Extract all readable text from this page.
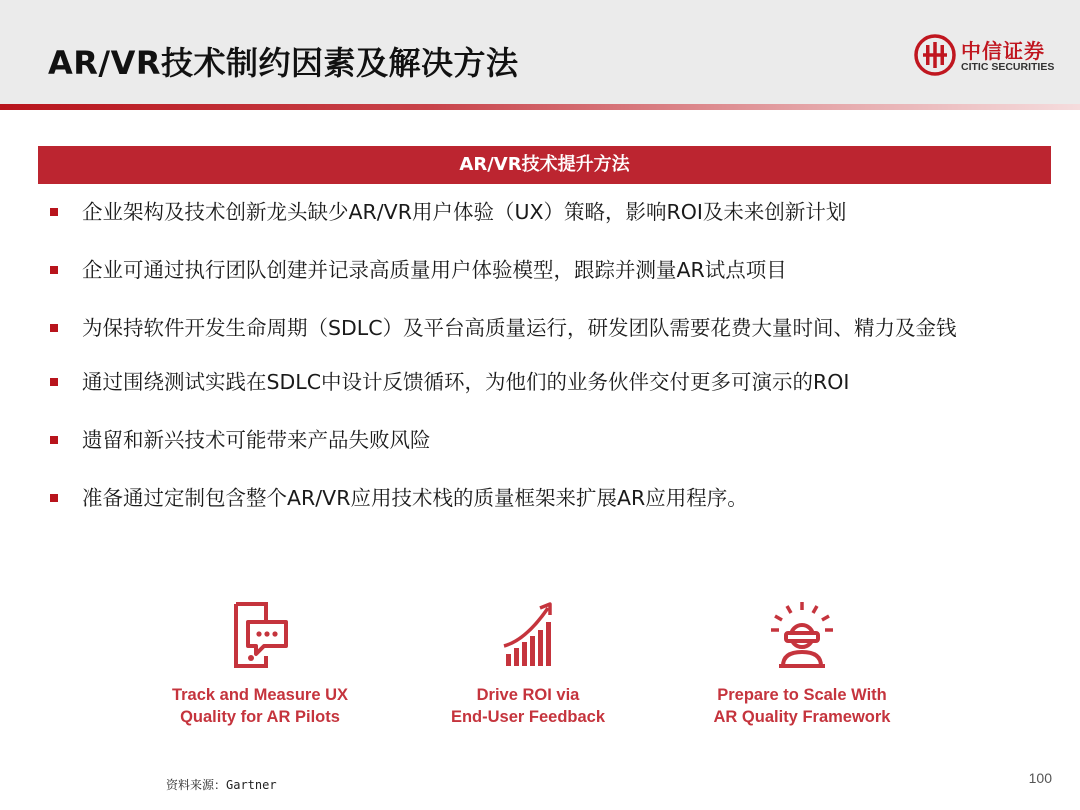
AR/VR技术制约因素及解决方法	中信证券
CITIC SECURITIES
AR/VR技术提升方法
企业架构及技术创新龙头缺少AR/VR用户体验（UX）策略，影响ROI及未来创新计划
企业可通过执行团队创建并记录高质量用户体验模型，跟踪并测量AR试点项目
为保持软件开发生命周期（SDLC）及平台高质量运行，研发团队需要花费大量时间、精力及金钱
通过围绕测试实践在SDLC中设计反馈循环，为他们的业务伙伴交付更多可演示的ROI
遗留和新兴技术可能带来产品失败风险
准备通过定制包含整个AR/VR应用技术栈的质量框架来扩展AR应用程序。
Track and Measure UX
Quality for AR Pilots
Drive ROI via
End-User Feedback
Prepare to Scale With
AR Quality Framework
资料来源：Gartner	100
